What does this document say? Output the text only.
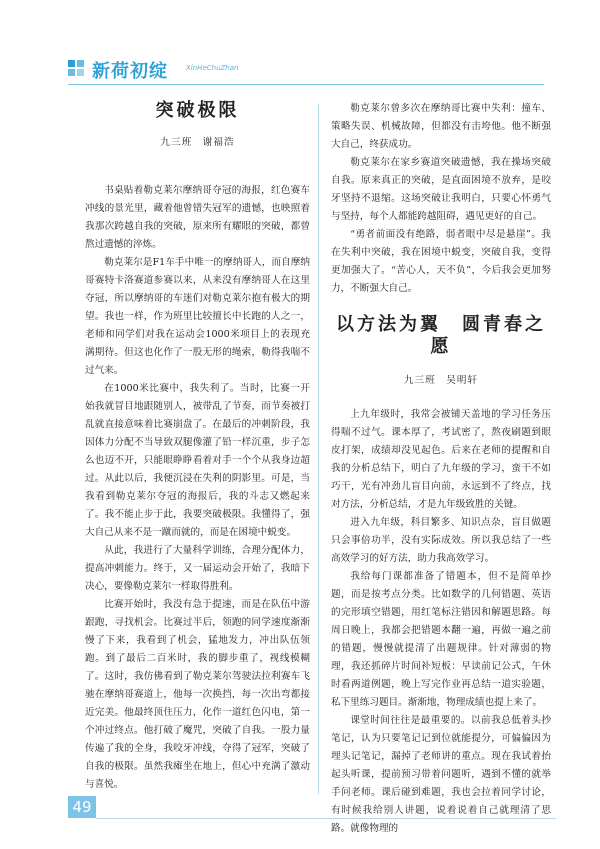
新荷初绽	XinHeChuZhan
突破极限
九三班　谢福浩

书桌贴着勒克莱尔摩纳哥夺冠的海报，红色赛车冲线的景光里，藏着他曾错失冠军的遗憾，也映照着我那次跨越自我的突破，原来所有耀眼的突破，都曾熬过遗憾的淬炼。

勒克莱尔是F1车手中唯一的摩纳哥人，而自摩纳哥赛特卡洛赛道参赛以来，从来没有摩纳哥人在这里夺冠，所以摩纳哥的车迷们对勒克莱尔抱有极大的期望。我也一样，作为班里比较擅长中长跑的人之一，老师和同学们对我在运动会1000米项目上的表现充满期待。但这也化作了一股无形的绳索，勒得我喘不过气来。

在1000米比赛中，我失利了。当时，比赛一开始我就冒目地跟随别人，被带乱了节奏，而节奏被打乱就直接意味着比赛崩盘了。在最后的冲刺阶段，我因体力分配不当导致双腿像灌了铅一样沉重，步子怎么也迈不开，只能眼睁睁看着对手一个个从我身边超过。从此以后，我便沉浸在失利的阴影里。可是，当我看到勒克莱尔夺冠的海报后，我的斗志又燃起来了。我不能止步于此，我要突破极限。我懂得了，强大自己从来不是一蹴而就的，而是在困境中蜕变。

从此，我进行了大量科学训练，合理分配体力，提高冲刺能力。终于，又一届运动会开始了，我暗下决心，要像勒克莱尔一样取得胜利。

比赛开始时，我没有急于提速，而是在队伍中游跟跑，寻找机会。比赛过半后，领跑的同学速度渐渐慢了下来，我看到了机会，猛地发力，冲出队伍领跑。到了最后二百米时，我的脚步重了，视线模糊了。这时，我仿佛看到了勒克莱尔驾驶法拉利赛车飞驰在摩纳哥赛道上，他每一次换挡，每一次出弯都接近完美。他最终顶住压力，化作一道红色闪电，第一个冲过终点。他打破了魔咒，突破了自我。一股力量传遍了我的全身，我咬牙冲线，夺得了冠军，突破了自我的极限。虽然我瘫坐在地上，但心中充满了激动与喜悦。

勒克莱尔曾多次在摩纳哥比赛中失利：撞车、策略失误、机械故障，但都没有击垮他。他不断强大自己，终获成功。

勒克莱尔在家乡赛道突破遗憾，我在操场突破自我。原来真正的突破，是直面困境不放弃，是咬牙坚持不退缩。这场突破让我明白，只要心怀勇气与坚持，每个人都能跨越阻碍，遇见更好的自己。

“勇者前面没有绝路，弱者眼中尽是悬崖”。我在失利中突破，我在困境中蜕变，突破自我，变得更加强大了。“苦心人，天不负”，今后我会更加努力，不断强大自己。

以方法为翼　圆青春之愿
九三班　吴明轩

上九年级时，我常会被铺天盖地的学习任务压得喘不过气。课本厚了，考试密了，熬夜刷题到眼皮打架，成绩却没见起色。后来在老师的提醒和自我的分析总结下，明白了九年级的学习，蛮干不如巧干，光有冲劲儿盲目向前，永远到不了终点，找对方法，分析总结，才是九年级致胜的关键。

进入九年级，科目繁多、知识点杂，盲目做题只会事倍功半，没有实际成效。所以我总结了一些高效学习的好方法，助力我高效学习。

我给每门课都准备了错题本，但不是简单抄题，而是按考点分类。比如数学的几何错题、英语的完形填空错题，用红笔标注错因和解题思路。每周日晚上，我都会把错题本翻一遍，再做一遍之前的错题，慢慢就提清了出题规律。针对薄弱的物理，我还抓碎片时间补短板：早读前记公式，午休时看两道例题，晚上写完作业再总结一道实验题，私下里练习题目。渐渐地，物理成绩也提上来了。

课堂时间往往是最重要的。以前我总低着头抄笔记，认为只要笔记记到位就能提分，可偏偏因为埋头记笔记，漏掉了老师讲的重点。现在我试着抬起头听课，提前预习带着问题听，遇到不懂的就举手问老师。课后碰到难题，我也会拉着同学讨论，有时候我给别人讲题，说着说着自己就理清了思路。就像物理的

49
